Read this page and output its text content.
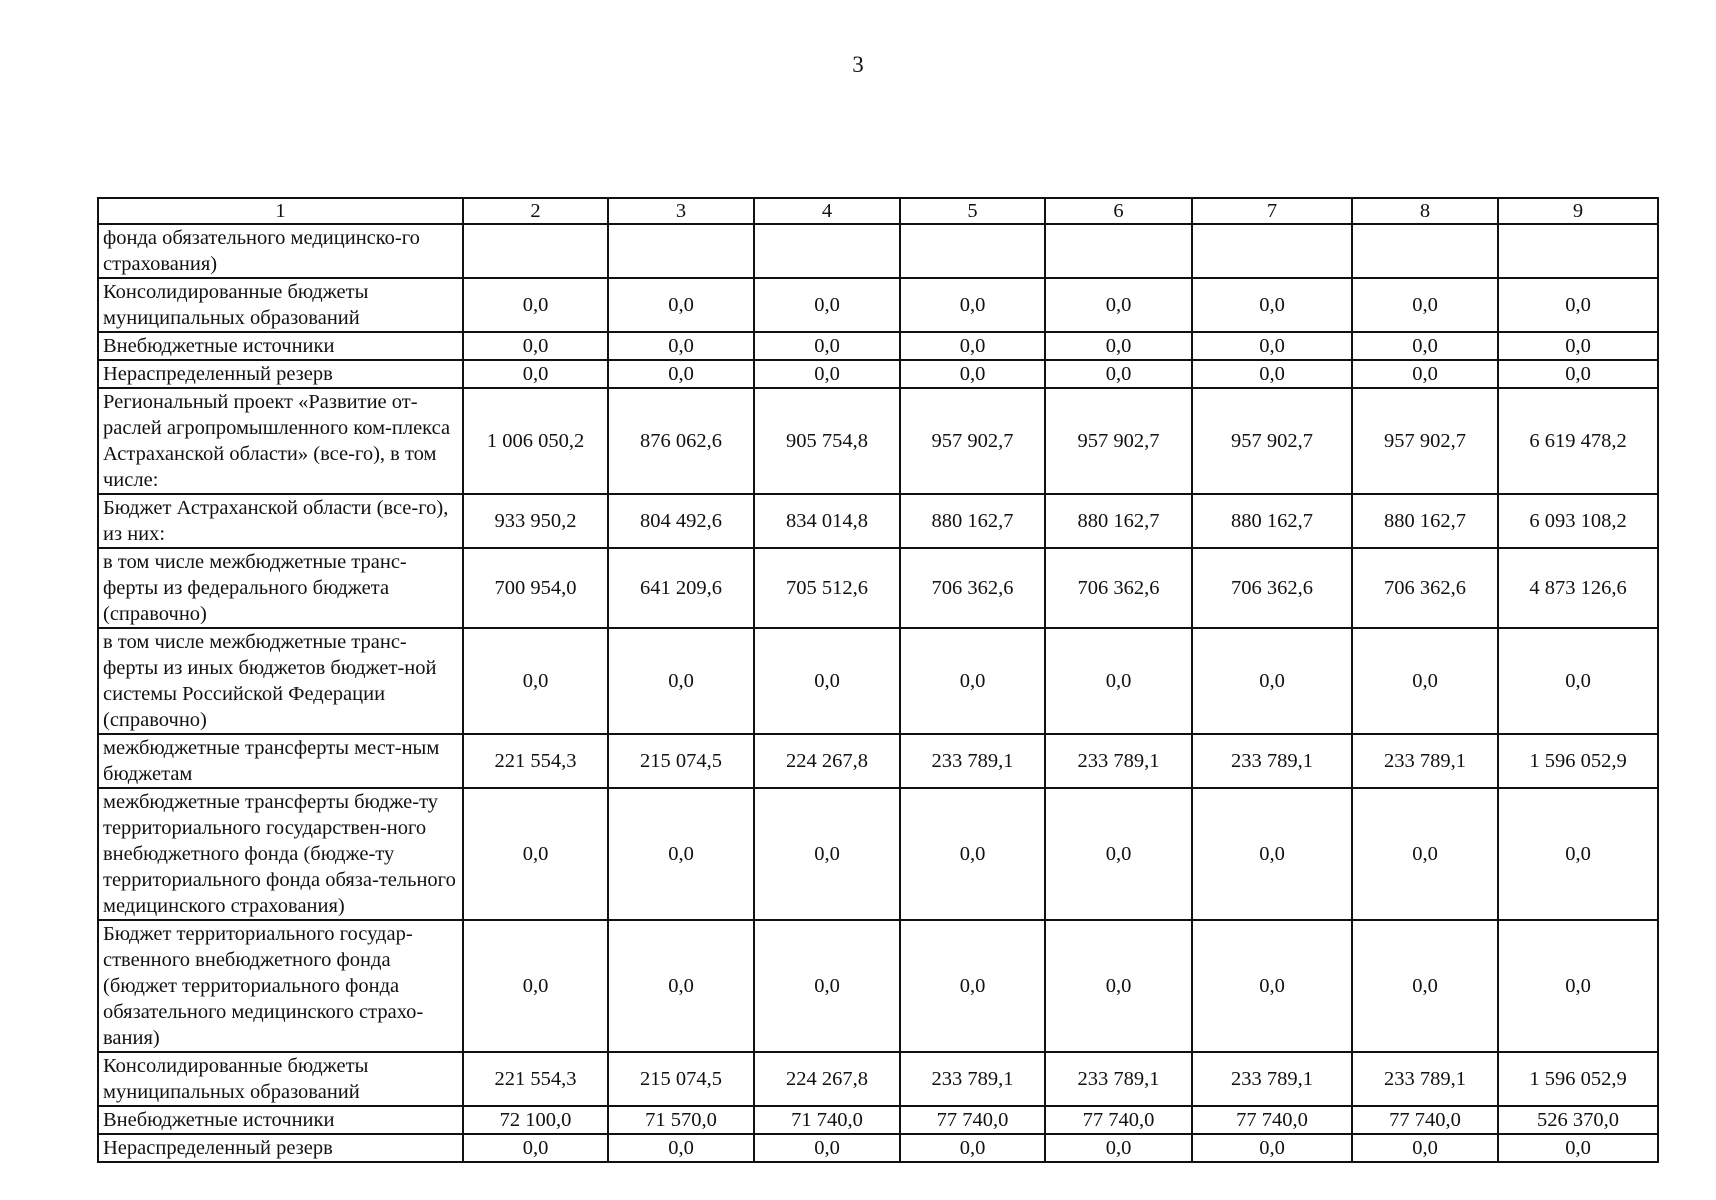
3
1	2	3	4	5	6	7	8	9
фонда обязательного медицинско-го страхования)								
Консолидированные бюджеты муниципальных образований	0,0	0,0	0,0	0,0	0,0	0,0	0,0	0,0
Внебюджетные источники	0,0	0,0	0,0	0,0	0,0	0,0	0,0	0,0
Нераспределенный резерв	0,0	0,0	0,0	0,0	0,0	0,0	0,0	0,0
Региональный проект «Развитие от-раслей агропромышленного ком-плекса Астраханской области» (все-го), в том числе:	1 006 050,2	876 062,6	905 754,8	957 902,7	957 902,7	957 902,7	957 902,7	6 619 478,2
Бюджет Астраханской области (все-го), из них:	933 950,2	804 492,6	834 014,8	880 162,7	880 162,7	880 162,7	880 162,7	6 093 108,2
в том числе межбюджетные транс-ферты из федерального бюджета (справочно)	700 954,0	641 209,6	705 512,6	706 362,6	706 362,6	706 362,6	706 362,6	4 873 126,6
в том числе межбюджетные транс-ферты из иных бюджетов бюджет-ной системы Российской Федерации (справочно)	0,0	0,0	0,0	0,0	0,0	0,0	0,0	0,0
межбюджетные трансферты мест-ным бюджетам	221 554,3	215 074,5	224 267,8	233 789,1	233 789,1	233 789,1	233 789,1	1 596 052,9
межбюджетные трансферты бюдже-ту территориального государствен-ного внебюджетного фонда (бюдже-ту территориального фонда обяза-тельного медицинского страхования)	0,0	0,0	0,0	0,0	0,0	0,0	0,0	0,0
Бюджет территориального государ-ственного внебюджетного фонда (бюджет территориального фонда обязательного медицинского страхо-вания)	0,0	0,0	0,0	0,0	0,0	0,0	0,0	0,0
Консолидированные бюджеты муниципальных образований	221 554,3	215 074,5	224 267,8	233 789,1	233 789,1	233 789,1	233 789,1	1 596 052,9
Внебюджетные источники	72 100,0	71 570,0	71 740,0	77 740,0	77 740,0	77 740,0	77 740,0	526 370,0
Нераспределенный резерв	0,0	0,0	0,0	0,0	0,0	0,0	0,0	0,0
